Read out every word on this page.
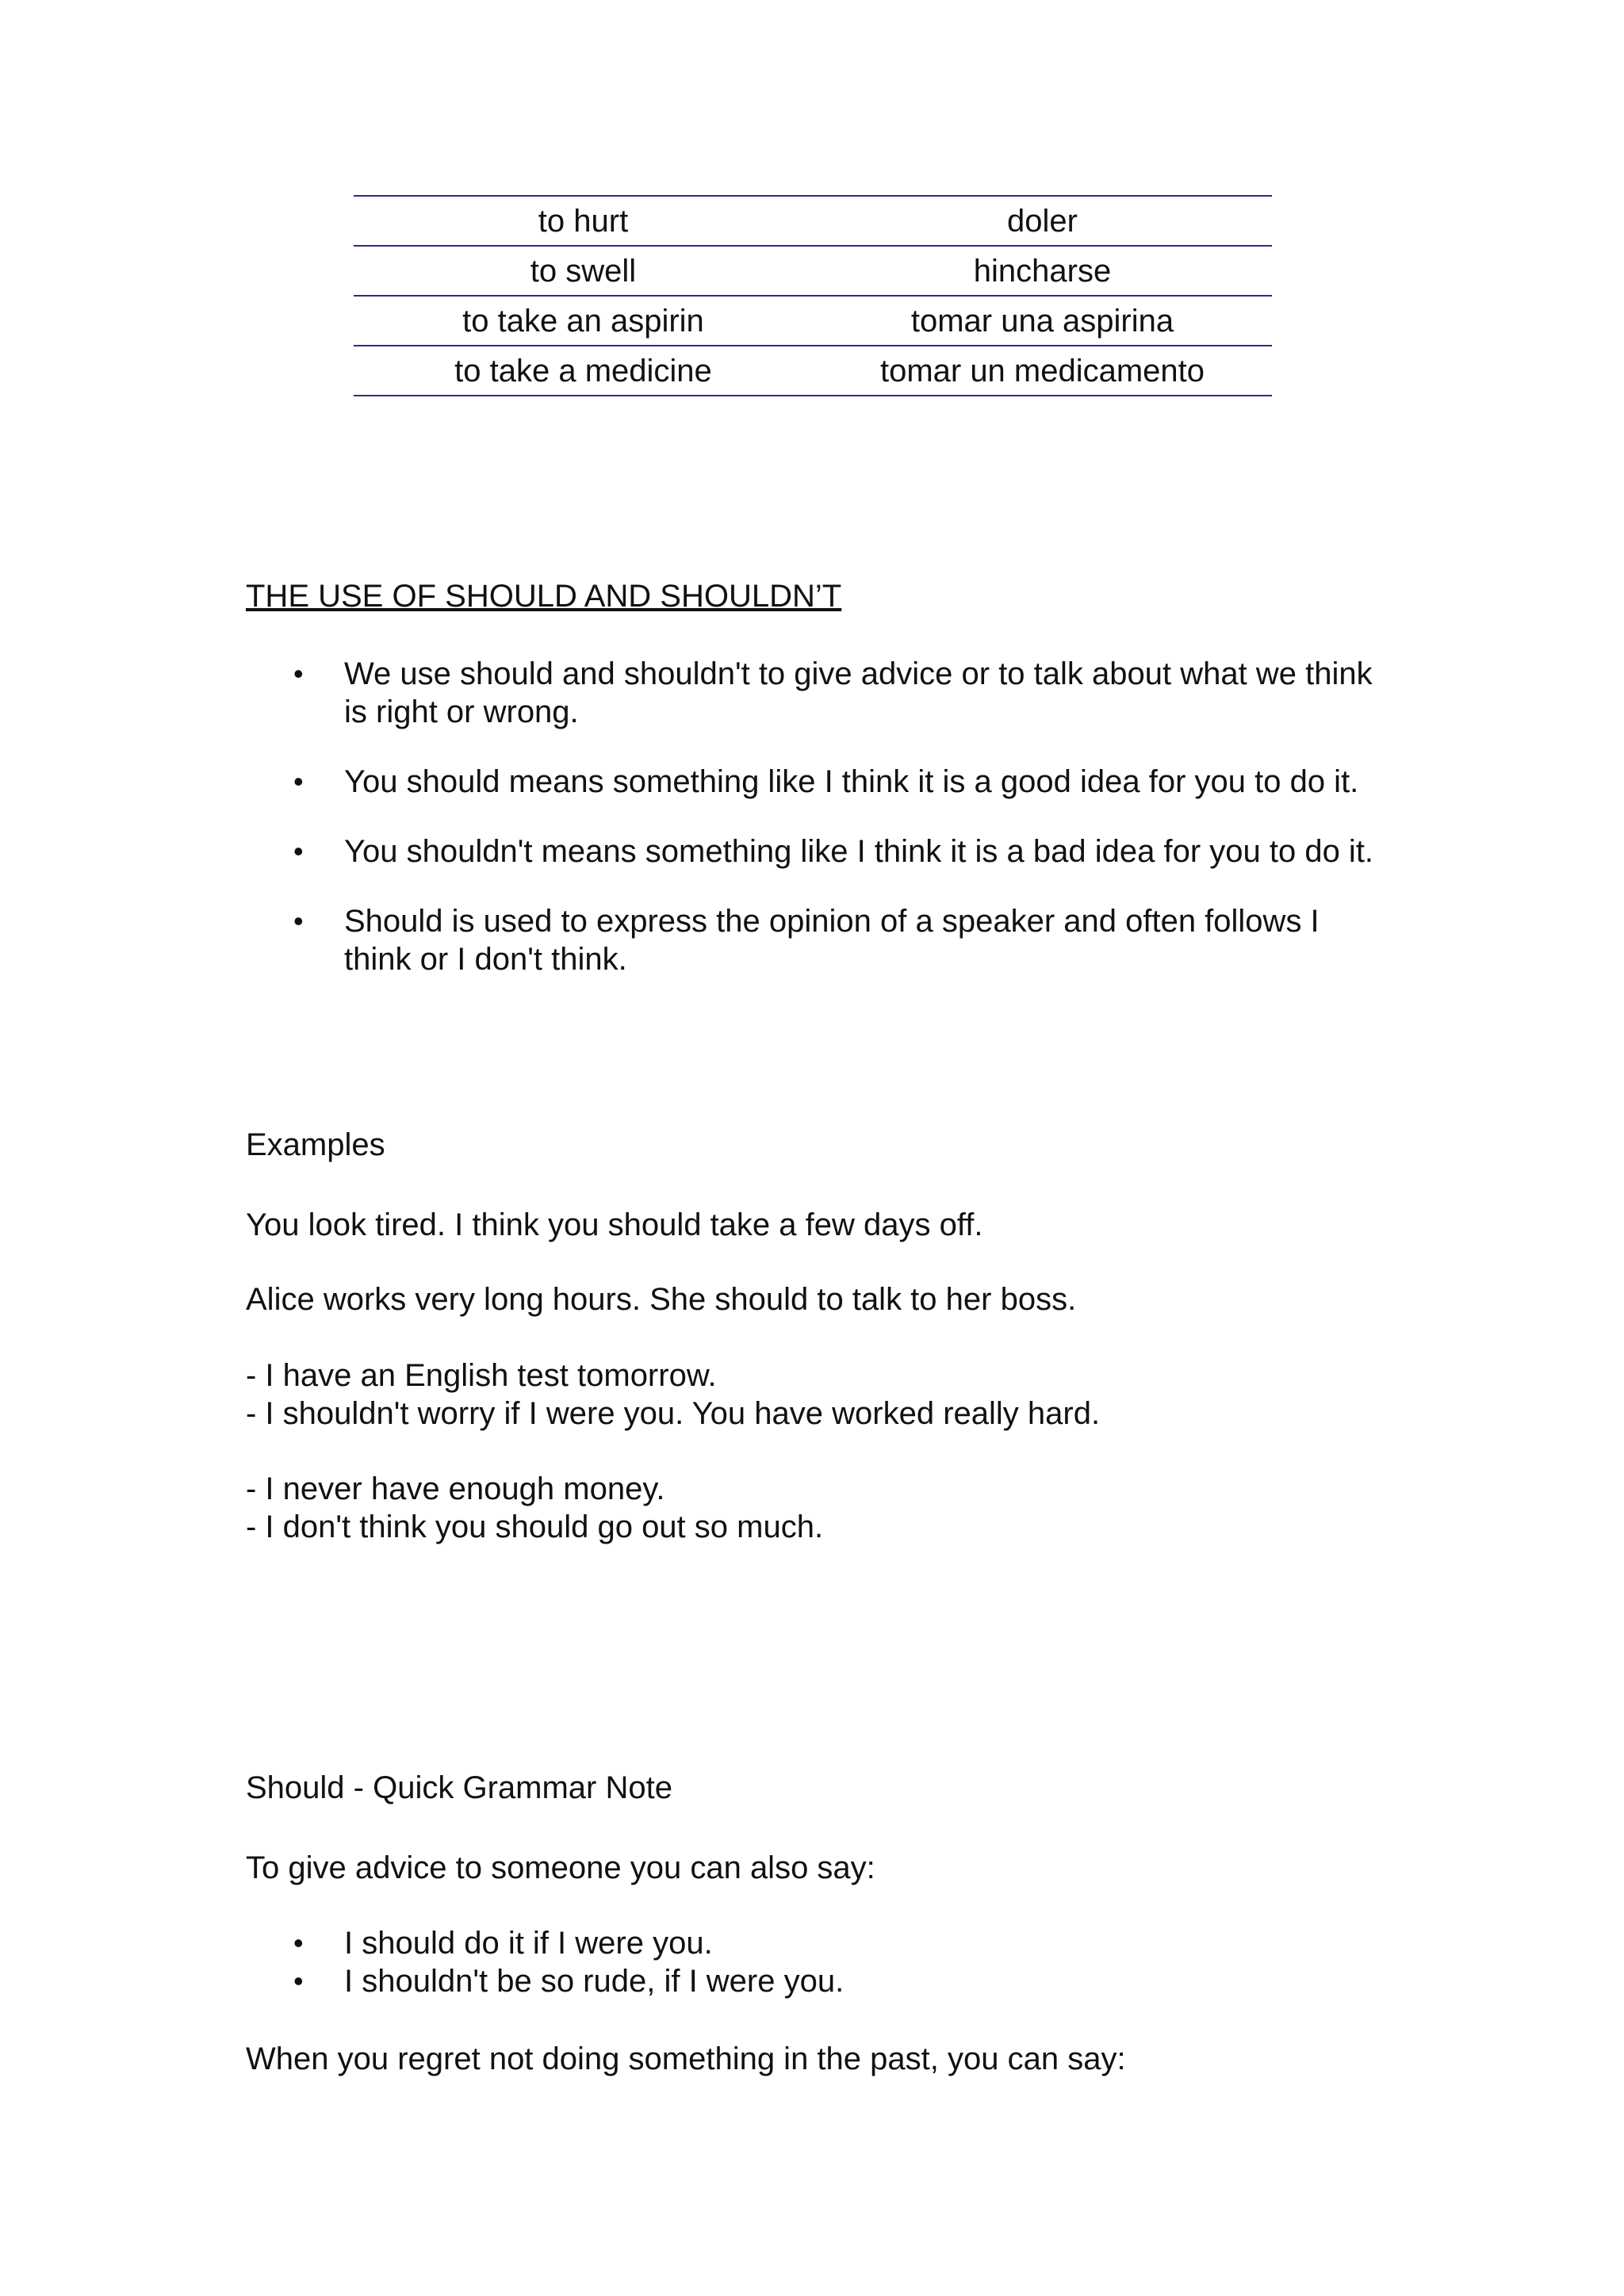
to hurt	doler
to swell	hincharse
to take an aspirin	tomar una aspirina
to take a medicine	tomar un medicamento

THE USE OF SHOULD AND SHOULDN’T

• We use should and shouldn't to give advice or to talk about what we think is right or wrong.
• You should means something like I think it is a good idea for you to do it.
• You shouldn't means something like I think it is a bad idea for you to do it.
• Should is used to express the opinion of a speaker and often follows I think or I don't think.

Examples

You look tired. I think you should take a few days off.

Alice works very long hours. She should to talk to her boss.

- I have an English test tomorrow.

- I shouldn't worry if I were you. You have worked really hard.

- I never have enough money.

- I don't think you should go out so much.

Should - Quick Grammar Note

To give advice to someone you can also say:

• I should do it if I were you.
• I shouldn't be so rude, if I were you.

When you regret not doing something in the past, you can say:
